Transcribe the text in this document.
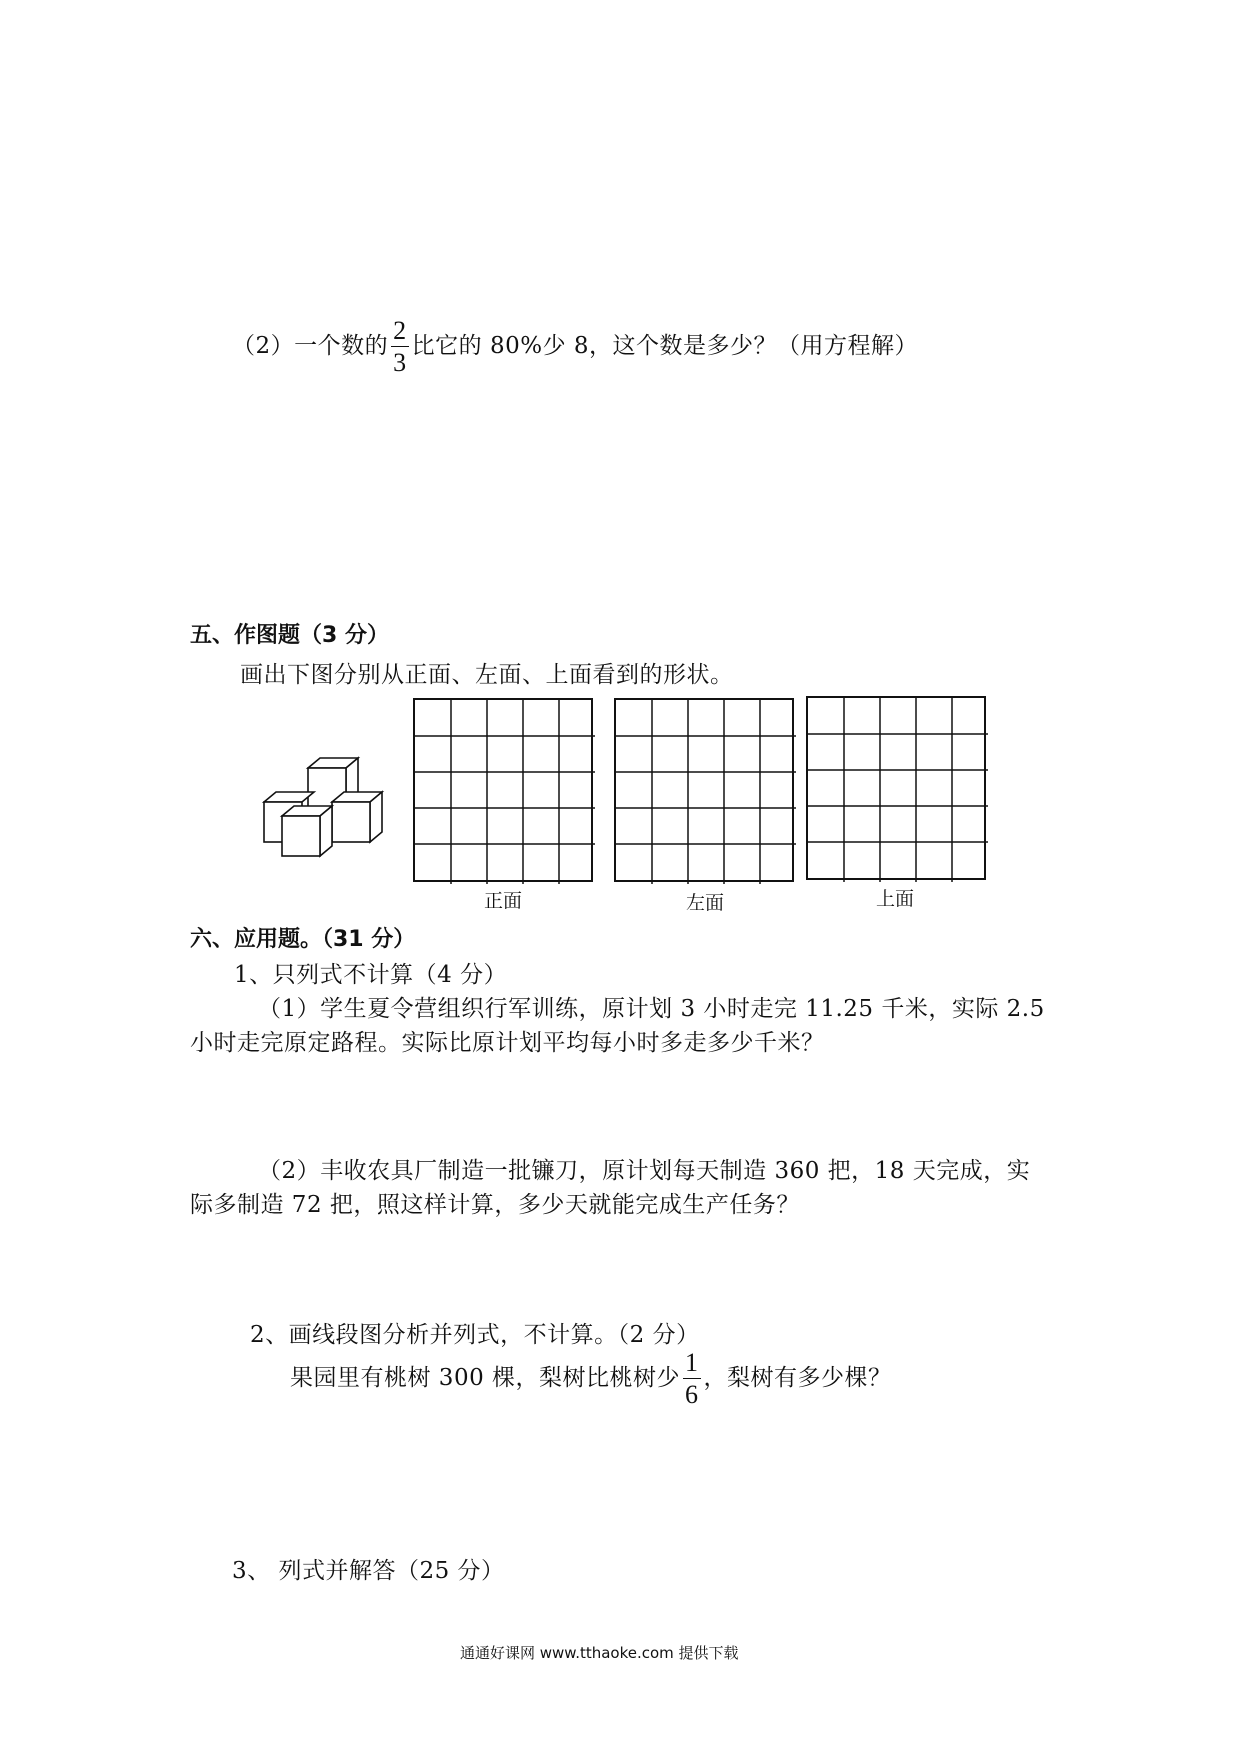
（2）一个数的 $\frac{2}{3}$ 比它的 80%少 8，这个数是多少？（用方程解）
五、作图题（3 分）
画出下图分别从正面、左面、上面看到的形状。
正面	左面	上面
六、应用题。（31 分）
1、只列式不计算（4 分）
（1）学生夏令营组织行军训练，原计划 3 小时走完 11.25 千米，实际 2.5
小时走完原定路程。实际比原计划平均每小时多走多少千米？
（2）丰收农具厂制造一批镰刀，原计划每天制造 360 把，18 天完成，实
际多制造 72 把，照这样计算，多少天就能完成生产任务？
2、画线段图分析并列式，不计算。（2 分）
果园里有桃树 300 棵，梨树比桃树少 $\frac{1}{6}$ ，梨树有多少棵？
3、 列式并解答（25 分）
通通好课网 www.tthaoke.com 提供下载
